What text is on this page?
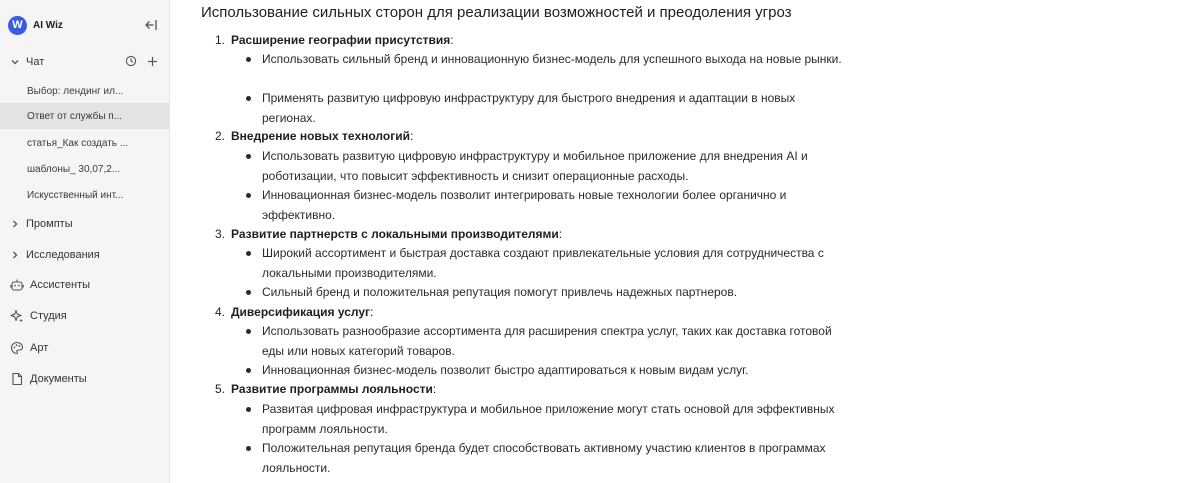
W	AI Wiz
Чат
Выбор: лендинг ил...
Ответ от службы п...
статья_Как создать ...
шаблоны_ 30,07,2...
Искусственный инт...
Промпты
Исследования
Ассистенты
Студия
Арт
Документы
Использование сильных сторон для реализации возможностей и преодоления угроз
1. Расширение географии присутствия:
Использовать сильный бренд и инновационную бизнес-модель для успешного выхода на новые рынки.
Применять развитую цифровую инфраструктуру для быстрого внедрения и адаптации в новых регионах.
2. Внедрение новых технологий:
Использовать развитую цифровую инфраструктуру и мобильное приложение для внедрения AI и роботизации, что повысит эффективность и снизит операционные расходы.
Инновационная бизнес-модель позволит интегрировать новые технологии более органично и эффективно.
3. Развитие партнерств с локальными производителями:
Широкий ассортимент и быстрая доставка создают привлекательные условия для сотрудничества с локальными производителями.
Сильный бренд и положительная репутация помогут привлечь надежных партнеров.
4. Диверсификация услуг:
Использовать разнообразие ассортимента для расширения спектра услуг, таких как доставка готовой еды или новых категорий товаров.
Инновационная бизнес-модель позволит быстро адаптироваться к новым видам услуг.
5. Развитие программы лояльности:
Развитая цифровая инфраструктура и мобильное приложение могут стать основой для эффективных программ лояльности.
Положительная репутация бренда будет способствовать активному участию клиентов в программах лояльности.
